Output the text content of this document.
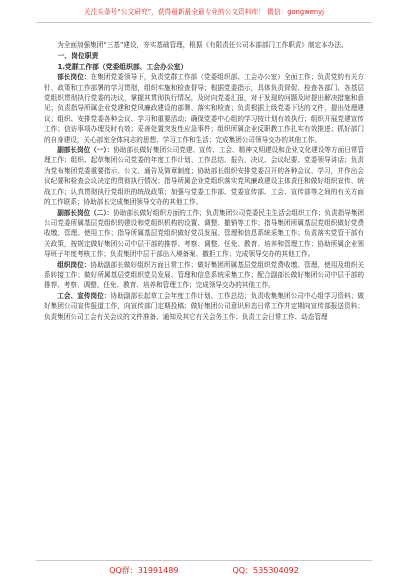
关注头条号“公文研究”，获得最新最全最专业的公文资料库！ 微信：gongwenyj

为全面加强集团“三基”建设，夯实基础管理，根据《有限责任公司本部部门工作职责》制定本办法。

一、岗位职责
1.党群工作部（党委组织部、工会办公室）

部长岗位：在集团党委领导下，负责党群工作部（党委组织部、工会办公室）全面工作；负责党的有关方针、政策和工作部署的学习贯彻，组织实施和检查督导；根据党委指示，具体负责督促、检查各部门、各基层党组织贯彻执行党委的决议，掌握其贯彻执行情况，及时向党委汇报，对于发现的问题及时提出解决措施和意见；负责指导所属企业党建和党风廉政建设的部署、落实和检查；负责根据上级党委下达的文件，提出处理建议；组织、安排党委各种会议、学习和重要活动；确保党委中心组的学习按计划有效执行；组织开展党建宣传工作；信访事项办理及时有效；妥善处置突发性应急事件；组织所属企业反职教工作扎实有效推进；抓好部门的自身建设，关心部室全体同志的思想、学习工作和生活；完成集团公司领导交办的其他工作。

副部长岗位（一）：协助部长做好集团公司党建、宣传、工会、精神文明建设和企业文化建设等方面日常管理工作；组织、起草集团公司党委的年度工作计划、工作总结、报告、决议、会议纪要、党委领导讲话；负责为党布集团党委重要指示、公文、通告及简章制度；协助部长组织安排党委召开的各种会议、学习，并作出会议纪要和检查会议决定的贯彻执行情况；指导所属企业党组织落实党风廉政建设主体责任和做好组织宣传、统战工作；认真贯彻执行党组织的统战政策；加强与党委工作部、党委宣传部、工会、宣传部等之间的有关方面的工作联系；协助部长完成集团领导交办的其他工作。

副部长岗位（二）：协助部长做好组织方面的工作；负责集团公司党委民主生活会组织工作；负责指导集团公司党委所属基层党组织的建设和党组织机构的设置、调整、撤销等工作；指导集团所属基层党组织做好党费收缴、管理、使用工作；指导所属基层党组织做好党员发展、管理和信息系统采集工作；负责落实党管干部有关政策，按规定做好集团公司中层干部的推荐、考察、调整、任免、教育、培养和管理工作；协助所属企业领导班子年度考核工作；负责集团中层干部出入境备案、撤拒工作；完成领导交办的其他工作。

组织岗位：协助副部长做好组织方面日常工作；做好集团所属基层党组织党费收缴、管理、使用及组织关系转接工作；做好所属基层党组织党员发展、管理和信息系统采集工作；配合副部长做好集团公司中层干部的推荐、考察、调整、任免、教育、培养和管理工作；完成领导交办的其他工作。

工会、宣传岗位：协助副部长起草工会年度工作计划、工作总结；负责收集集团公司中心组学习资料；做好集团公司宣传报道工作，向宣传部门定期投稿；做好集团公司意识形态日常工作并定期向宣传部报送资料；负责集团公司工会有关会议的文件准备、通知及其它有关会务工作；负责工会日常工作、动态管理

QQ群：31991489	QQ：535304092
